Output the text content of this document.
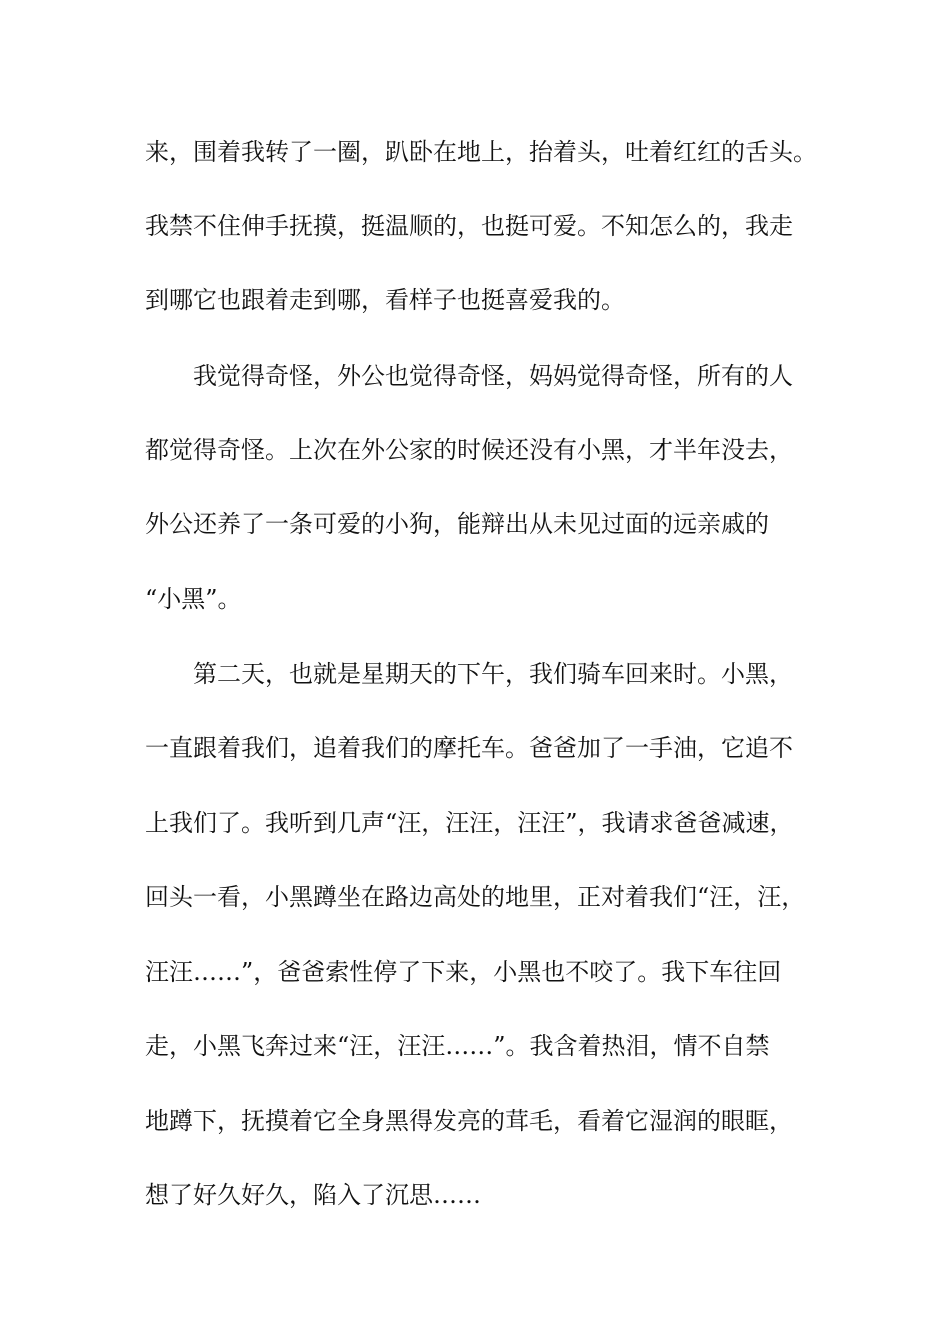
来，围着我转了一圈，趴卧在地上，抬着头，吐着红红的舌头。
我禁不住伸手抚摸，挺温顺的，也挺可爱。不知怎么的，我走
到哪它也跟着走到哪，看样子也挺喜爱我的。
我觉得奇怪，外公也觉得奇怪，妈妈觉得奇怪，所有的人
都觉得奇怪。上次在外公家的时候还没有小黑，才半年没去，
外公还养了一条可爱的小狗，能辩出从未见过面的远亲戚的
“小黑”。
第二天，也就是星期天的下午，我们骑车回来时。小黑，
一直跟着我们，追着我们的摩托车。爸爸加了一手油，它追不
上我们了。我听到几声“汪，汪汪，汪汪”，我请求爸爸减速，
回头一看，小黑蹲坐在路边高处的地里，正对着我们“汪，汪，
汪汪……”，爸爸索性停了下来，小黑也不咬了。我下车往回
走，小黑飞奔过来“汪，汪汪……”。我含着热泪，情不自禁
地蹲下，抚摸着它全身黑得发亮的茸毛，看着它湿润的眼眶，
想了好久好久，陷入了沉思……
